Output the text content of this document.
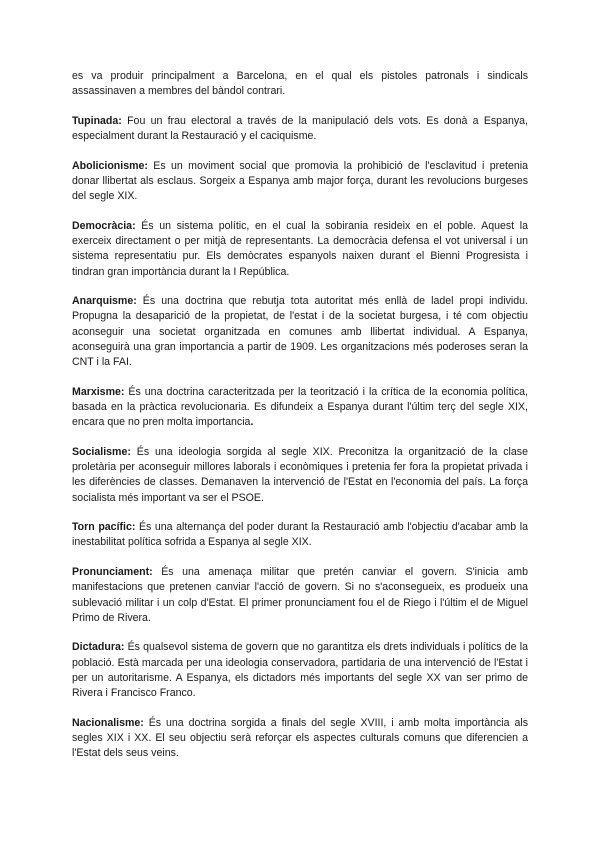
es va produir principalment a Barcelona, en el qual els pistoles patronals i sindicals assassinaven a membres del bàndol contrari.

Tupinada: Fou un frau electoral a través de la manipulació dels vots. Es donà a Espanya, especialment durant la Restauració y el caciquisme.

Abolicionisme: Es un moviment social que promovia la prohibició de l'esclavitud i pretenia donar llibertat als esclaus. Sorgeix a Espanya amb major força, durant les revolucions burgeses del segle XIX.

Democràcia: És un sistema polític, en el cual la sobirania resideix en el poble. Aquest la exerceix directament o per mitjà de representants. La democràcia defensa el vot universal i un sistema representatiu pur. Els demòcrates espanyols naixen durant el Bienni Progresista i tindran gran importància durant la I República.

Anarquisme: És una doctrina que rebutja tota autoritat més enllà de ladel propi individu. Propugna la desaparició de la propietat, de l'estat i de la societat burgesa, i té com objectiu aconseguir una societat organitzada en comunes amb llibertat individual. A Espanya, aconseguirà una gran importancia a partir de 1909. Les organitzacions més poderoses seran la CNT i la FAI.

Marxisme: És una doctrina caracteritzada per la teorització i la crítica de la economia política, basada en la pràctica revolucionaria. Es difundeix a Espanya durant l'últim terç del segle XIX, encara que no pren molta importancia.

Socialisme: És una ideologia sorgida al segle XIX. Preconitza la organització de la clase proletària per aconseguir millores laborals i econòmiques i pretenia fer fora la propietat privada i les diferències de classes. Demanaven la intervenció de l'Estat en l'economia del país. La força socialista més important va ser el PSOE.

Torn pacífic: És una alternança del poder durant la Restauració amb l'objectiu d'acabar amb la inestabilitat política sofrida a Espanya al segle XIX.

Pronunciament: És una amenaça militar que pretén canviar el govern. S'inicia amb manifestacions que pretenen canviar l'acció de govern. Si no s'aconsegueix, es produeix una sublevació militar i un colp d'Estat. El primer pronunciament fou el de Riego i l'últim el de Miguel Primo de Rivera.

Dictadura: És qualsevol sistema de govern que no garantitza els drets individuals i polítics de la població. Està marcada per una ideologia conservadora, partidaria de una intervenció de l'Estat i per un autoritarisme. A Espanya, els dictadors més importants del segle XX van ser primo de Rivera i Francisco Franco.

Nacionalisme: És una doctrina sorgida a finals del segle XVIII, i amb molta importància als segles XIX i XX. El seu objectiu serà reforçar els aspectes culturals comuns que diferencien a l'Estat dels seus veins.
